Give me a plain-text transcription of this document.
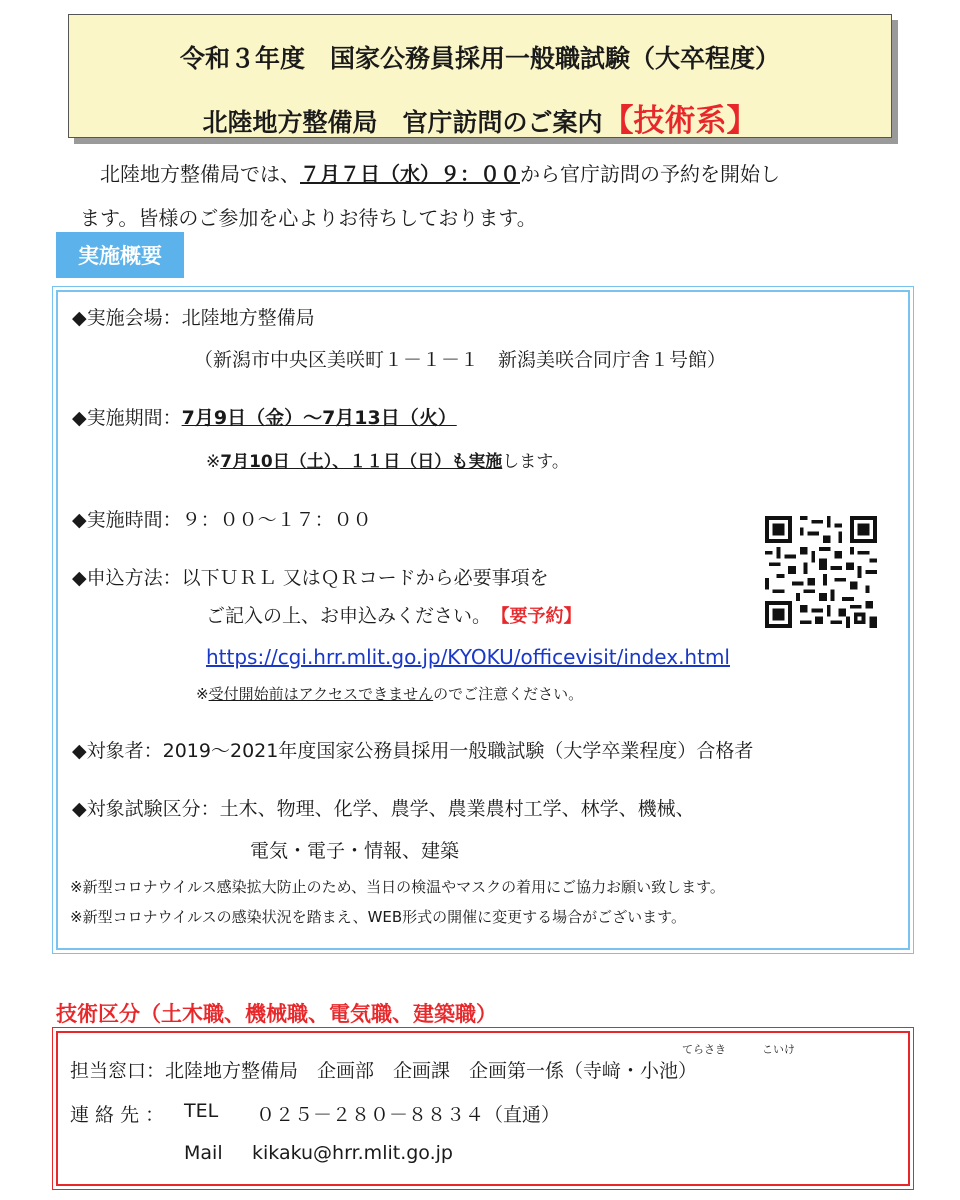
令和３年度　国家公務員採用一般職試験（大卒程度）
北陸地方整備局　官庁訪問のご案内【技術系】
北陸地方整備局では、７月７日（水）９：００から官庁訪問の予約を開始し
ます。皆様のご参加を心よりお待ちしております。
実施概要
◆実施会場：北陸地方整備局
（新潟市中央区美咲町１－１－１　新潟美咲合同庁舎１号館）
◆実施期間：7月9日（金）～7月13日（火）
※7月10日（土）、１１日（日）も実施します。
◆実施時間：９：００～１７：００
◆申込方法：以下ＵＲＬ 又はＱＲコードから必要事項を
ご記入の上、お申込みください。　 【要予約】
https://cgi.hrr.mlit.go.jp/KYOKU/officevisit/index.html
※受付開始前はアクセスできませんのでご注意ください。
◆対象者：2019～2021年度国家公務員採用一般職試験（大学卒業程度）合格者
◆対象試験区分：土木、物理、化学、農学、農業農村工学、林学、機械、
電気・電子・情報、建築
※新型コロナウイルス感染拡大防止のため、当日の検温やマスクの着用にご協力お願い致します。
※新型コロナウイルスの感染状況を踏まえ、WEB形式の開催に変更する場合がございます。
技術区分（土木職、機械職、電気職、建築職）
てらさき	こいけ
担当窓口：北陸地方整備局　企画部　企画課　企画第一係（寺﨑・小池）
連 絡 先 ： TEL ０２５－２８０－８８３４（直通）
Mail kikaku@hrr.mlit.go.jp
